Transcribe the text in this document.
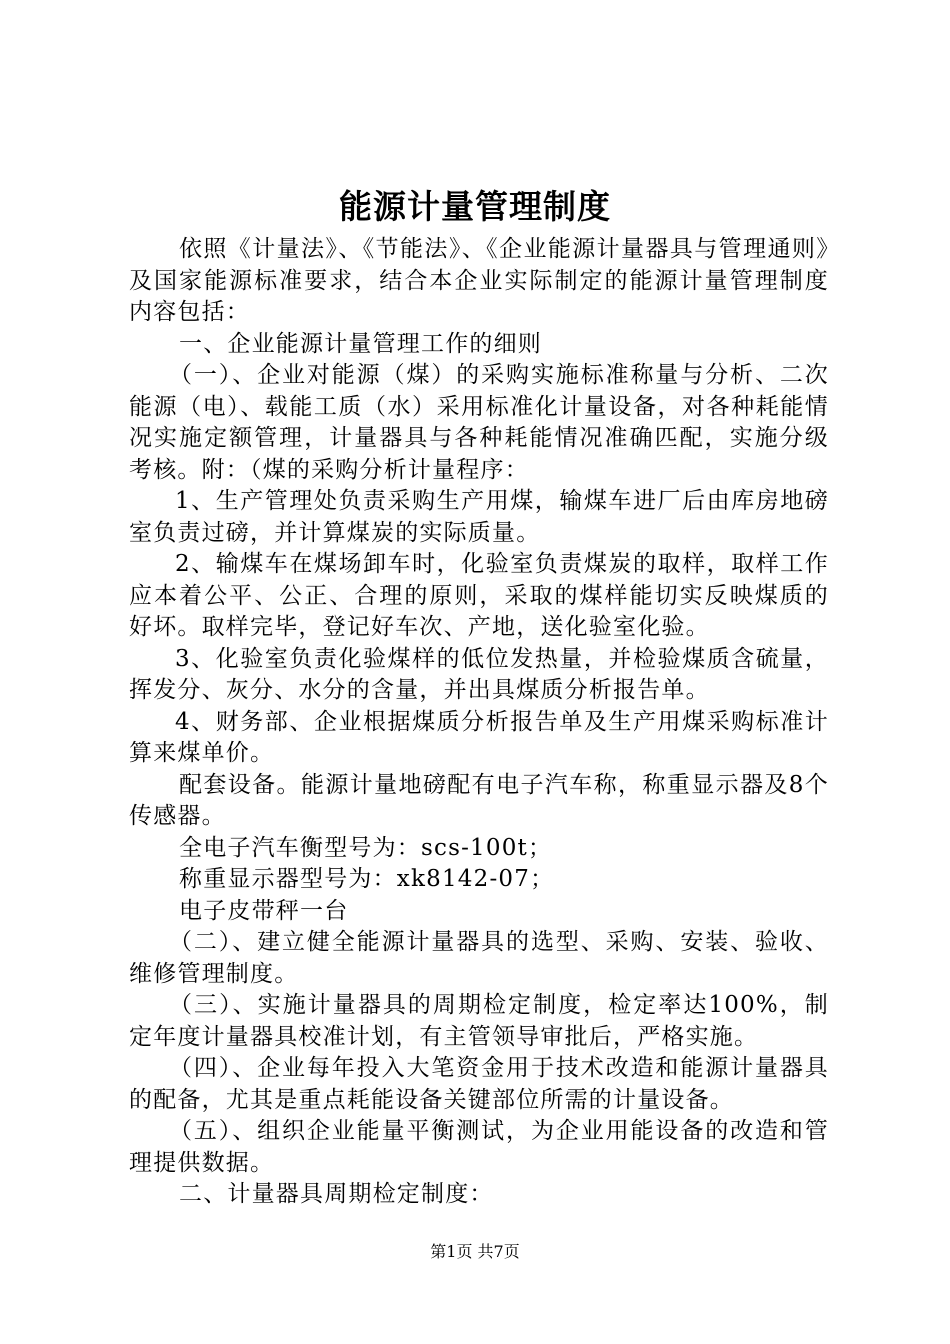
能源计量管理制度

依照《计量法》、《节能法》、《企业能源计量器具与管理通则》及国家能源标准要求，结合本企业实际制定的能源计量管理制度内容包括：

一、企业能源计量管理工作的细则

（一）、企业对能源（煤）的采购实施标准称量与分析、二次能源（电）、载能工质（水）采用标准化计量设备，对各种耗能情况实施定额管理，计量器具与各种耗能情况准确匹配，实施分级考核。附：（煤的采购分析计量程序：

1、生产管理处负责采购生产用煤，输煤车进厂后由库房地磅室负责过磅，并计算煤炭的实际质量。

2、输煤车在煤场卸车时，化验室负责煤炭的取样，取样工作应本着公平、公正、合理的原则，采取的煤样能切实反映煤质的好坏。取样完毕，登记好车次、产地，送化验室化验。

3、化验室负责化验煤样的低位发热量，并检验煤质含硫量，挥发分、灰分、水分的含量，并出具煤质分析报告单。

4、财务部、企业根据煤质分析报告单及生产用煤采购标准计算来煤单价。

配套设备。能源计量地磅配有电子汽车称，称重显示器及8个传感器。

全电子汽车衡型号为：scs-100t；

称重显示器型号为：xk8142-07；

电子皮带秤一台

（二）、建立健全能源计量器具的选型、采购、安装、验收、维修管理制度。

（三）、实施计量器具的周期检定制度，检定率达100%，制定年度计量器具校准计划，有主管领导审批后，严格实施。

（四）、企业每年投入大笔资金用于技术改造和能源计量器具的配备，尤其是重点耗能设备关键部位所需的计量设备。

（五）、组织企业能量平衡测试，为企业用能设备的改造和管理提供数据。

二、计量器具周期检定制度：

第1页 共7页
